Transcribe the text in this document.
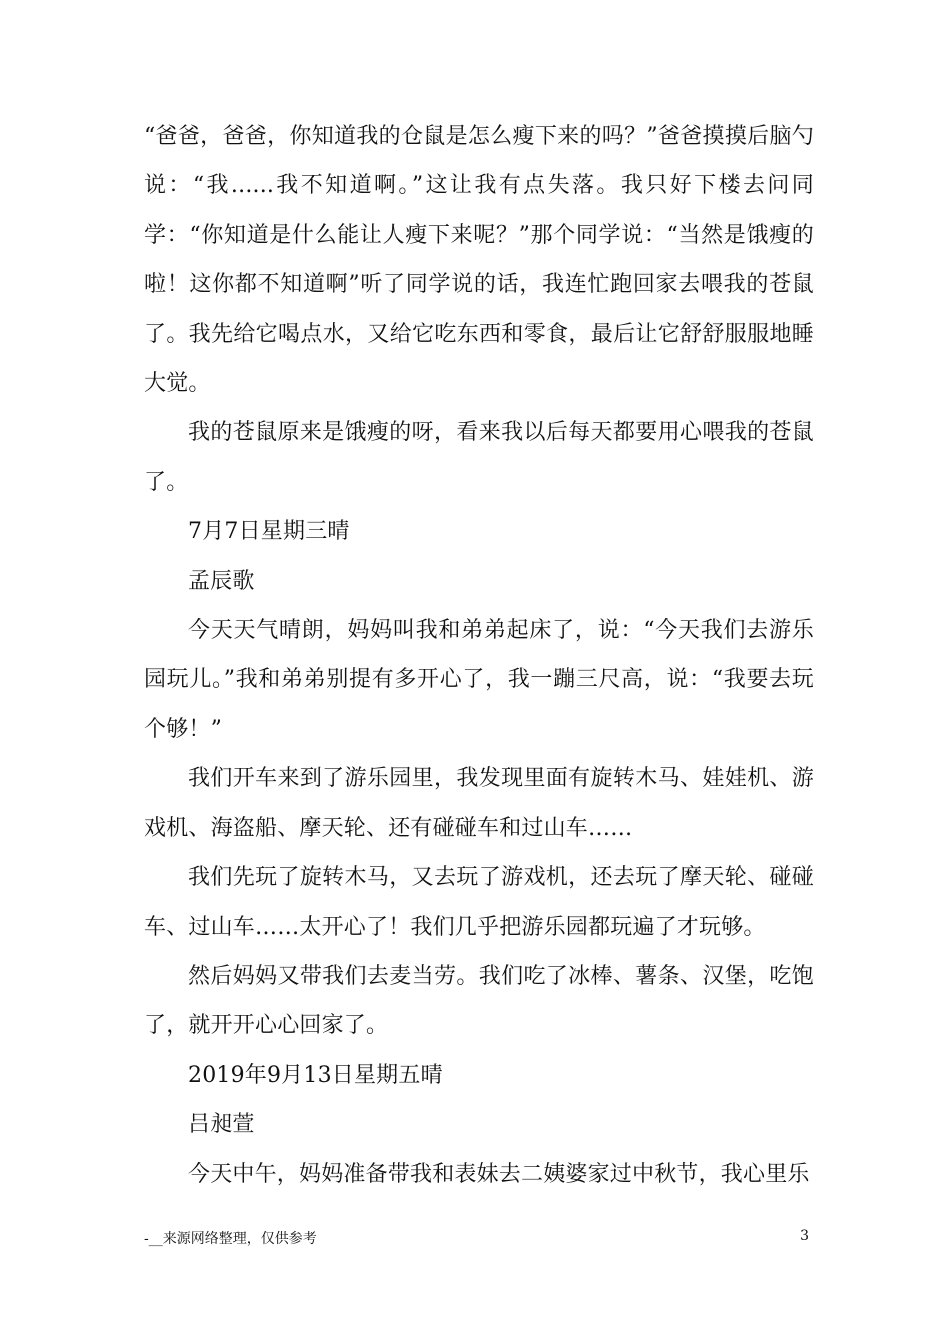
“爸爸，爸爸，你知道我的仓鼠是怎么瘦下来的吗？”爸爸摸摸后脑勺说：“我......我不知道啊。”这让我有点失落。我只好下楼去问同学：“你知道是什么能让人瘦下来呢？”那个同学说：“当然是饿瘦的啦！这你都不知道啊”听了同学说的话，我连忙跑回家去喂我的苍鼠了。我先给它喝点水，又给它吃东西和零食，最后让它舒舒服服地睡大觉。

我的苍鼠原来是饿瘦的呀，看来我以后每天都要用心喂我的苍鼠了。

7月7日星期三晴

孟辰歌

今天天气晴朗，妈妈叫我和弟弟起床了，说：“今天我们去游乐园玩儿。”我和弟弟别提有多开心了，我一蹦三尺高，说：“我要去玩个够！”

我们开车来到了游乐园里，我发现里面有旋转木马、娃娃机、游戏机、海盗船、摩天轮、还有碰碰车和过山车……

我们先玩了旋转木马，又去玩了游戏机，还去玩了摩天轮、碰碰车、过山车……太开心了！我们几乎把游乐园都玩遍了才玩够。

然后妈妈又带我们去麦当劳。我们吃了冰棒、薯条、汉堡，吃饱了，就开开心心回家了。

2019年9月13日星期五晴

吕昶萱

今天中午，妈妈准备带我和表妹去二姨婆家过中秋节，我心里乐

-__来源网络整理，仅供参考	3
